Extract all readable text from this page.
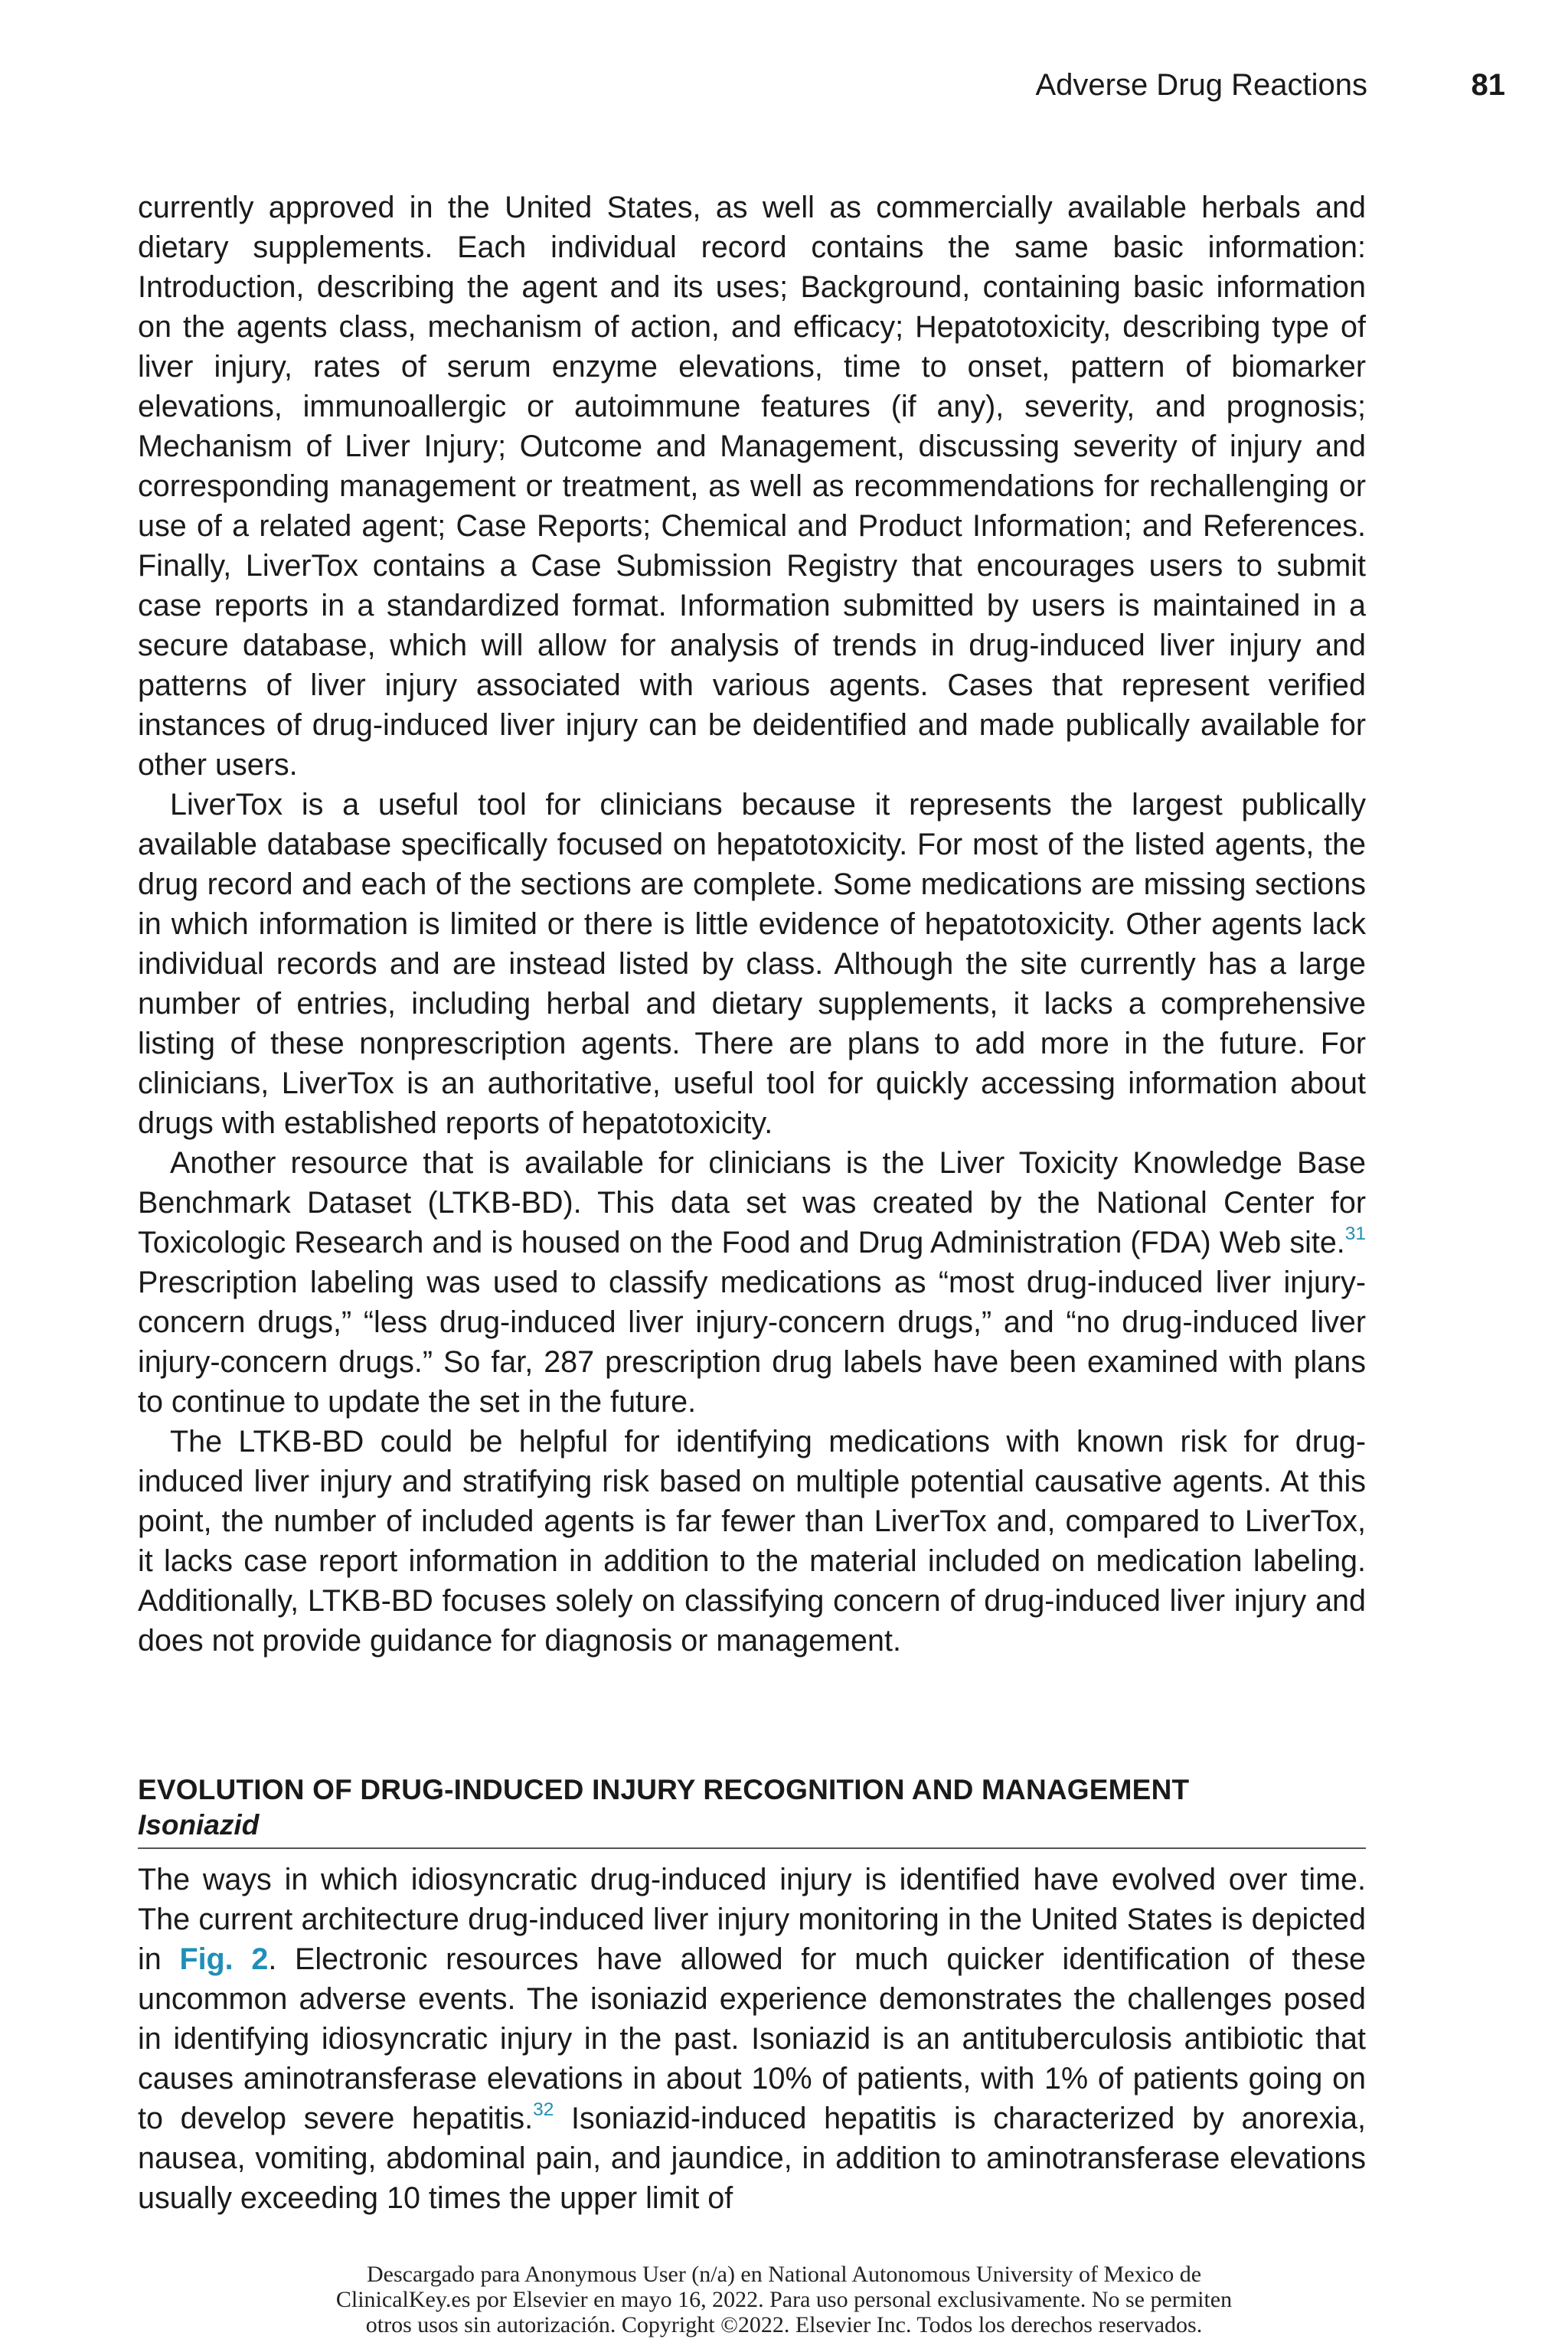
Adverse Drug Reactions	81

currently approved in the United States, as well as commercially available herbals and dietary supplements. Each individual record contains the same basic information: Introduction, describing the agent and its uses; Background, containing basic information on the agents class, mechanism of action, and efficacy; Hepatotoxicity, describing type of liver injury, rates of serum enzyme elevations, time to onset, pattern of biomarker elevations, immunoallergic or autoimmune features (if any), severity, and prognosis; Mechanism of Liver Injury; Outcome and Management, discussing severity of injury and corresponding management or treatment, as well as recommendations for rechallenging or use of a related agent; Case Reports; Chemical and Product Information; and References. Finally, LiverTox contains a Case Submission Registry that encourages users to submit case reports in a standardized format. Information submitted by users is maintained in a secure database, which will allow for analysis of trends in drug-induced liver injury and patterns of liver injury associated with various agents. Cases that represent verified instances of drug-induced liver injury can be deidentified and made publically available for other users.

LiverTox is a useful tool for clinicians because it represents the largest publically available database specifically focused on hepatotoxicity. For most of the listed agents, the drug record and each of the sections are complete. Some medications are missing sections in which information is limited or there is little evidence of hepatotoxicity. Other agents lack individual records and are instead listed by class. Although the site currently has a large number of entries, including herbal and dietary supplements, it lacks a comprehensive listing of these nonprescription agents. There are plans to add more in the future. For clinicians, LiverTox is an authoritative, useful tool for quickly accessing information about drugs with established reports of hepatotoxicity.

Another resource that is available for clinicians is the Liver Toxicity Knowledge Base Benchmark Dataset (LTKB-BD). This data set was created by the National Center for Toxicologic Research and is housed on the Food and Drug Administration (FDA) Web site.$^{31}$ Prescription labeling was used to classify medications as “most drug-induced liver injury-concern drugs,” “less drug-induced liver injury-concern drugs,” and “no drug-induced liver injury-concern drugs.” So far, 287 prescription drug labels have been examined with plans to continue to update the set in the future.

The LTKB-BD could be helpful for identifying medications with known risk for drug-induced liver injury and stratifying risk based on multiple potential causative agents. At this point, the number of included agents is far fewer than LiverTox and, compared to LiverTox, it lacks case report information in addition to the material included on medication labeling. Additionally, LTKB-BD focuses solely on classifying concern of drug-induced liver injury and does not provide guidance for diagnosis or management.

EVOLUTION OF DRUG-INDUCED INJURY RECOGNITION AND MANAGEMENT
Isoniazid

The ways in which idiosyncratic drug-induced injury is identified have evolved over time. The current architecture drug-induced liver injury monitoring in the United States is depicted in Fig. 2. Electronic resources have allowed for much quicker identification of these uncommon adverse events. The isoniazid experience demonstrates the challenges posed in identifying idiosyncratic injury in the past. Isoniazid is an antituberculosis antibiotic that causes aminotransferase elevations in about 10% of patients, with 1% of patients going on to develop severe hepatitis.$^{32}$ Isoniazid-induced hepatitis is characterized by anorexia, nausea, vomiting, abdominal pain, and jaundice, in addition to aminotransferase elevations usually exceeding 10 times the upper limit of

Descargado para Anonymous User (n/a) en National Autonomous University of Mexico de
ClinicalKey.es por Elsevier en mayo 16, 2022. Para uso personal exclusivamente. No se permiten
otros usos sin autorización. Copyright ©2022. Elsevier Inc. Todos los derechos reservados.
